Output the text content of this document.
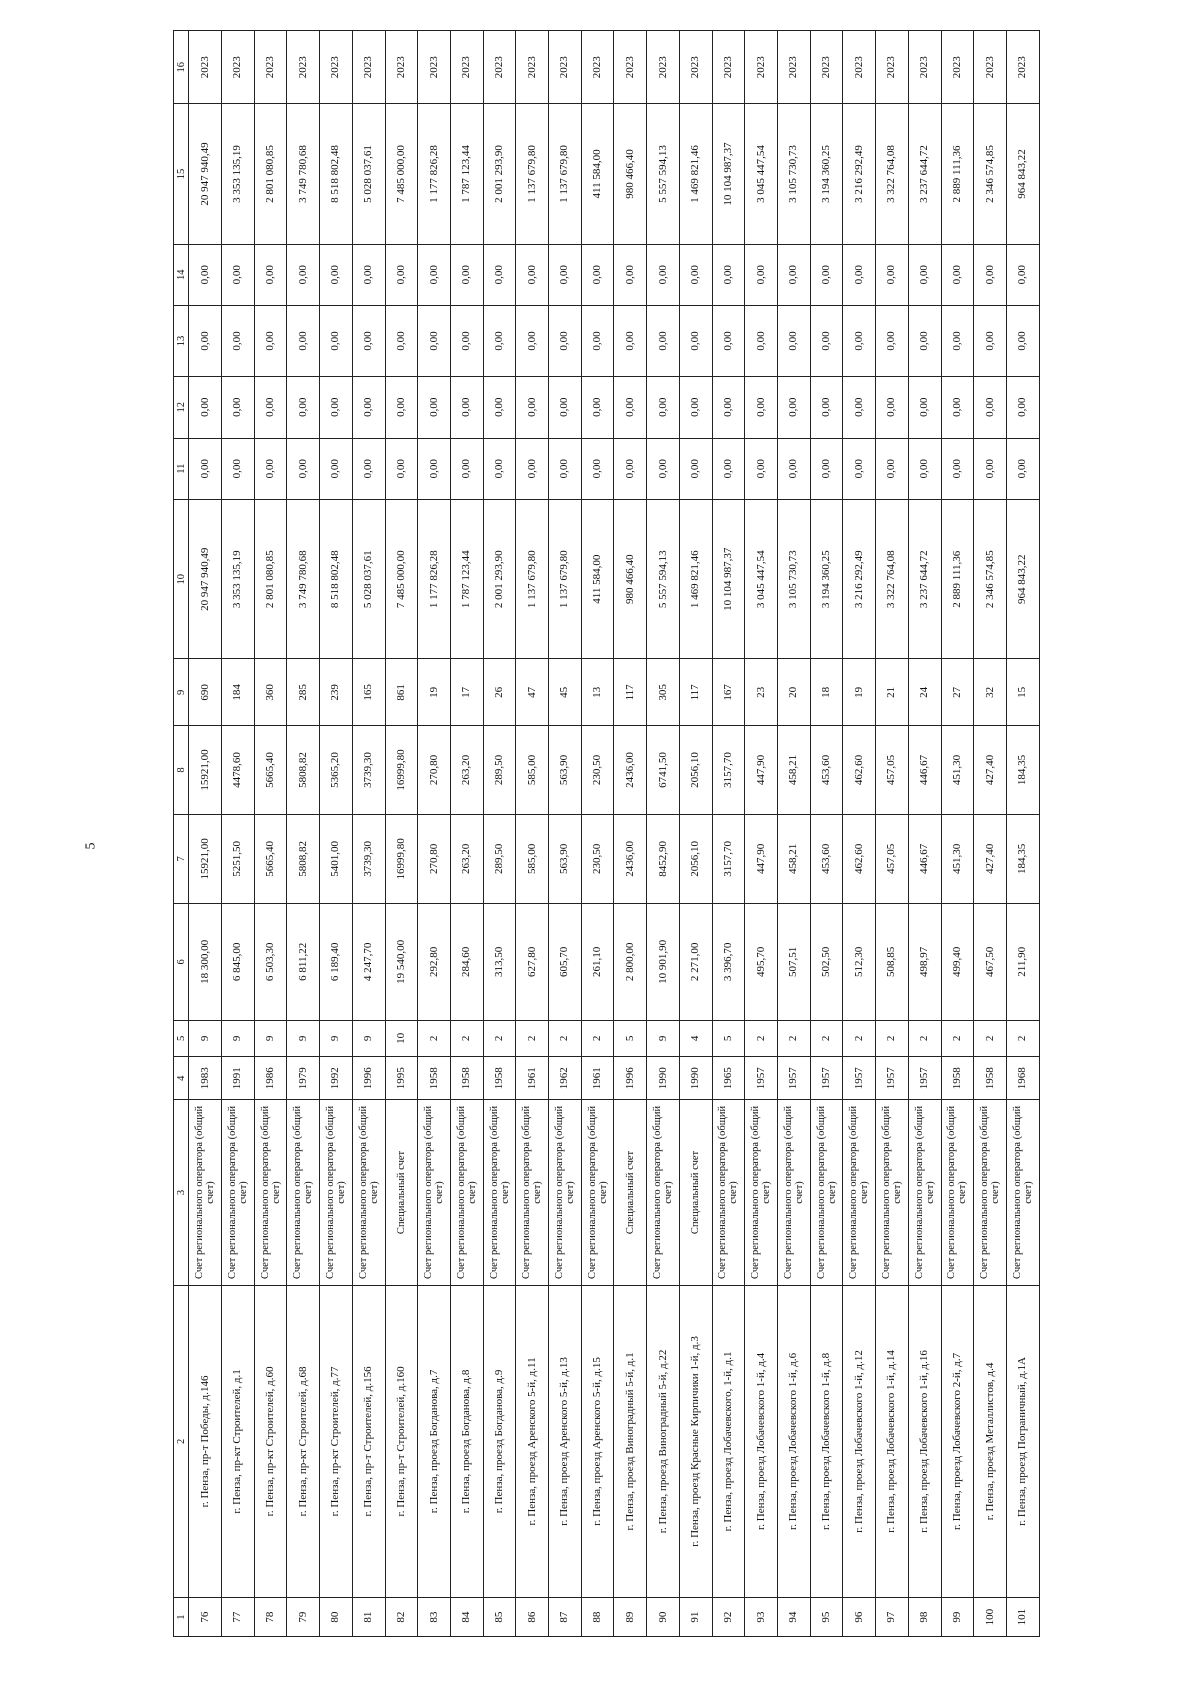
5
1	2	3	4	5	6	7	8	9	10	11	12	13	14	15	16
76	г. Пенза, пр-т Победы, д.146	Счет регионального оператора (общий счет)	1983	9	18 300,00	15921,00	15921,00	690	20 947 940,49	0,00	0,00	0,00	0,00	20 947 940,49	2023
77	г. Пенза, пр-кт Строителей, д.1	Счет регионального оператора (общий счет)	1991	9	6 845,00	5251,50	4478,60	184	3 353 135,19	0,00	0,00	0,00	0,00	3 353 135,19	2023
78	г. Пенза, пр-кт Строителей, д.60	Счет регионального оператора (общий счет)	1986	9	6 503,30	5665,40	5665,40	360	2 801 080,85	0,00	0,00	0,00	0,00	2 801 080,85	2023
79	г. Пенза, пр-кт Строителей, д.68	Счет регионального оператора (общий счет)	1979	9	6 811,22	5808,82	5808,82	285	3 749 780,68	0,00	0,00	0,00	0,00	3 749 780,68	2023
80	г. Пенза, пр-кт Строителей, д.77	Счет регионального оператора (общий счет)	1992	9	6 189,40	5401,00	5365,20	239	8 518 802,48	0,00	0,00	0,00	0,00	8 518 802,48	2023
81	г. Пенза, пр-т Строителей, д.156	Счет регионального оператора (общий счет)	1996	9	4 247,70	3739,30	3739,30	165	5 028 037,61	0,00	0,00	0,00	0,00	5 028 037,61	2023
82	г. Пенза, пр-т Строителей, д.160	Специальный счет	1995	10	19 540,00	16999,80	16999,80	861	7 485 000,00	0,00	0,00	0,00	0,00	7 485 000,00	2023
83	г. Пенза, проезд Богданова, д.7	Счет регионального оператора (общий счет)	1958	2	292,80	270,80	270,80	19	1 177 826,28	0,00	0,00	0,00	0,00	1 177 826,28	2023
84	г. Пенза, проезд Богданова, д.8	Счет регионального оператора (общий счет)	1958	2	284,60	263,20	263,20	17	1 787 123,44	0,00	0,00	0,00	0,00	1 787 123,44	2023
85	г. Пенза, проезд Богданова, д.9	Счет регионального оператора (общий счет)	1958	2	313,50	289,50	289,50	26	2 001 293,90	0,00	0,00	0,00	0,00	2 001 293,90	2023
86	г. Пенза, проезд Аренского 5-й, д.11	Счет регионального оператора (общий счет)	1961	2	627,80	585,00	585,00	47	1 137 679,80	0,00	0,00	0,00	0,00	1 137 679,80	2023
87	г. Пенза, проезд Аренского 5-й, д.13	Счет регионального оператора (общий счет)	1962	2	605,70	563,90	563,90	45	1 137 679,80	0,00	0,00	0,00	0,00	1 137 679,80	2023
88	г. Пенза, проезд Аренского 5-й, д.15	Счет регионального оператора (общий счет)	1961	2	261,10	230,50	230,50	13	411 584,00	0,00	0,00	0,00	0,00	411 584,00	2023
89	г. Пенза, проезд Виноградный 5-й, д.1	Специальный счет	1996	5	2 800,00	2436,00	2436,00	117	980 466,40	0,00	0,00	0,00	0,00	980 466,40	2023
90	г. Пенза, проезд Виноградный 5-й, д.22	Счет регионального оператора (общий счет)	1990	9	10 901,90	8452,90	6741,50	305	5 557 594,13	0,00	0,00	0,00	0,00	5 557 594,13	2023
91	г. Пенза, проезд Красные Кирпичики 1-й, д.3	Специальный счет	1990	4	2 271,00	2056,10	2056,10	117	1 469 821,46	0,00	0,00	0,00	0,00	1 469 821,46	2023
92	г. Пенза, проезд Лобачевского, 1-й, д.1	Счет регионального оператора (общий счет)	1965	5	3 396,70	3157,70	3157,70	167	10 104 987,37	0,00	0,00	0,00	0,00	10 104 987,37	2023
93	г. Пенза, проезд Лобачевского 1-й, д.4	Счет регионального оператора (общий счет)	1957	2	495,70	447,90	447,90	23	3 045 447,54	0,00	0,00	0,00	0,00	3 045 447,54	2023
94	г. Пенза, проезд Лобачевского 1-й, д.6	Счет регионального оператора (общий счет)	1957	2	507,51	458,21	458,21	20	3 105 730,73	0,00	0,00	0,00	0,00	3 105 730,73	2023
95	г. Пенза, проезд Лобачевского 1-й, д.8	Счет регионального оператора (общий счет)	1957	2	502,50	453,60	453,60	18	3 194 360,25	0,00	0,00	0,00	0,00	3 194 360,25	2023
96	г. Пенза, проезд Лобачевского 1-й, д.12	Счет регионального оператора (общий счет)	1957	2	512,30	462,60	462,60	19	3 216 292,49	0,00	0,00	0,00	0,00	3 216 292,49	2023
97	г. Пенза, проезд Лобачевского 1-й, д.14	Счет регионального оператора (общий счет)	1957	2	508,85	457,05	457,05	21	3 322 764,08	0,00	0,00	0,00	0,00	3 322 764,08	2023
98	г. Пенза, проезд Лобачевского 1-й, д.16	Счет регионального оператора (общий счет)	1957	2	498,97	446,67	446,67	24	3 237 644,72	0,00	0,00	0,00	0,00	3 237 644,72	2023
99	г. Пенза, проезд Лобачевского 2-й, д.7	Счет регионального оператора (общий счет)	1958	2	499,40	451,30	451,30	27	2 889 111,36	0,00	0,00	0,00	0,00	2 889 111,36	2023
100	г. Пенза, проезд Металлистов, д.4	Счет регионального оператора (общий счет)	1958	2	467,50	427,40	427,40	32	2 346 574,85	0,00	0,00	0,00	0,00	2 346 574,85	2023
101	г. Пенза, проезд Пограничный, д.1А	Счет регионального оператора (общий счет)	1968	2	211,90	184,35	184,35	15	964 843,22	0,00	0,00	0,00	0,00	964 843,22	2023
